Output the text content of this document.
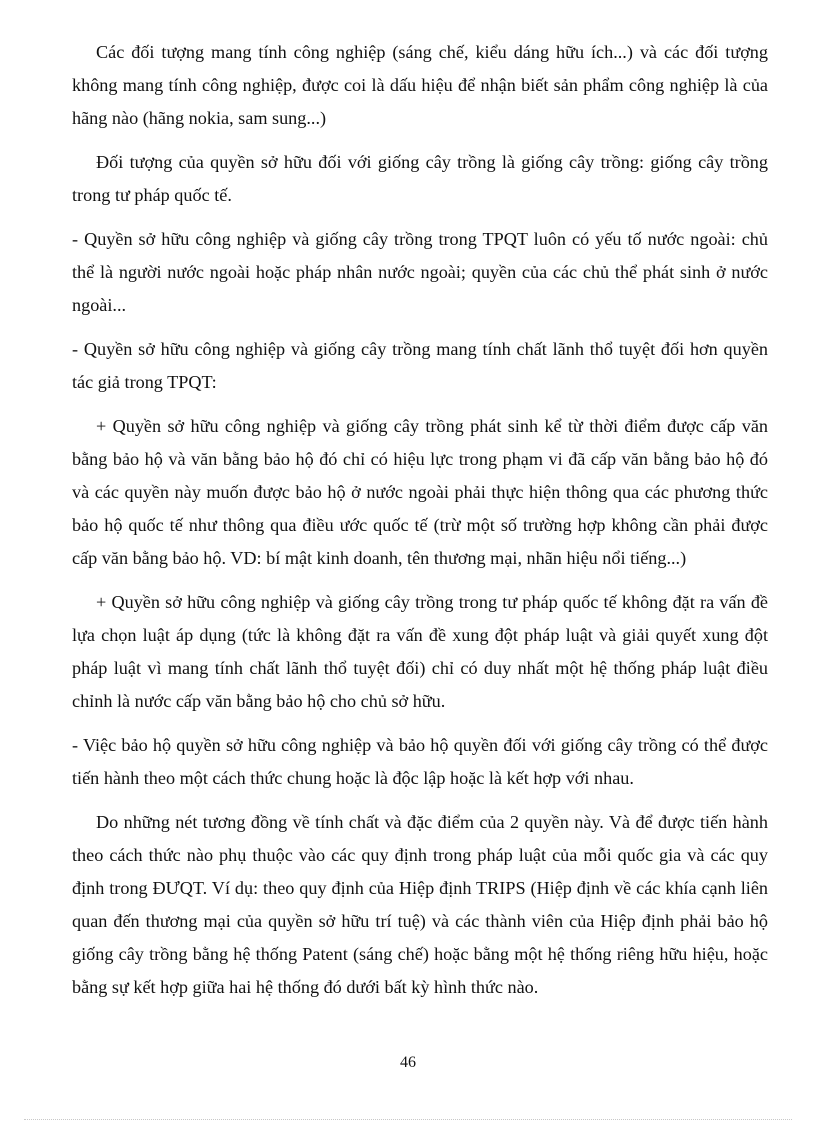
Các đối tượng mang tính công nghiệp (sáng chế, kiểu dáng hữu ích...) và các đối tượng không mang tính công nghiệp, được coi là dấu hiệu để nhận biết sản phẩm công nghiệp là của hãng nào (hãng nokia, sam sung...)

Đối tượng của quyền sở hữu đối với giống cây trồng là giống cây trồng: giống cây trồng trong tư pháp quốc tế.

- Quyền sở hữu công nghiệp và giống cây trồng trong TPQT luôn có yếu tố nước ngoài: chủ thể là người nước ngoài hoặc pháp nhân nước ngoài; quyền của các chủ thể phát sinh ở nước ngoài...

- Quyền sở hữu công nghiệp và giống cây trồng mang tính chất lãnh thổ tuyệt đối hơn quyền tác giả trong TPQT:

+ Quyền sở hữu công nghiệp và giống cây trồng phát sinh kể từ thời điểm được cấp văn bằng bảo hộ và văn bằng bảo hộ đó chỉ có hiệu lực trong phạm vi đã cấp văn bằng bảo hộ đó và các quyền này muốn được bảo hộ ở nước ngoài phải thực hiện thông qua các phương thức bảo hộ quốc tế như thông qua điều ước quốc tế (trừ một số trường hợp không cần phải được cấp văn bằng bảo hộ. VD: bí mật kinh doanh, tên thương mại, nhãn hiệu nổi tiếng...)

+ Quyền sở hữu công nghiệp và giống cây trồng trong tư pháp quốc tế không đặt ra vấn đề lựa chọn luật áp dụng (tức là không đặt ra vấn đề xung đột pháp luật và giải quyết xung đột pháp luật vì mang tính chất lãnh thổ tuyệt đối) chỉ có duy nhất một hệ thống pháp luật điều chỉnh là nước cấp văn bằng bảo hộ cho chủ sở hữu.

- Việc bảo hộ quyền sở hữu công nghiệp và bảo hộ quyền đối với giống cây trồng có thể được tiến hành theo một cách thức chung hoặc là độc lập hoặc là kết hợp với nhau.

Do những nét tương đồng về tính chất và đặc điểm của 2 quyền này. Và để được tiến hành theo cách thức nào phụ thuộc vào các quy định trong pháp luật của mỗi quốc gia và các quy định trong ĐƯQT. Ví dụ: theo quy định của Hiệp định TRIPS (Hiệp định về các khía cạnh liên quan đến thương mại của quyền sở hữu trí tuệ) và các thành viên của Hiệp định phải bảo hộ giống cây trồng bằng hệ thống Patent (sáng chế) hoặc bằng một hệ thống riêng hữu hiệu, hoặc bằng sự kết hợp giữa hai hệ thống đó dưới bất kỳ hình thức nào.

46
